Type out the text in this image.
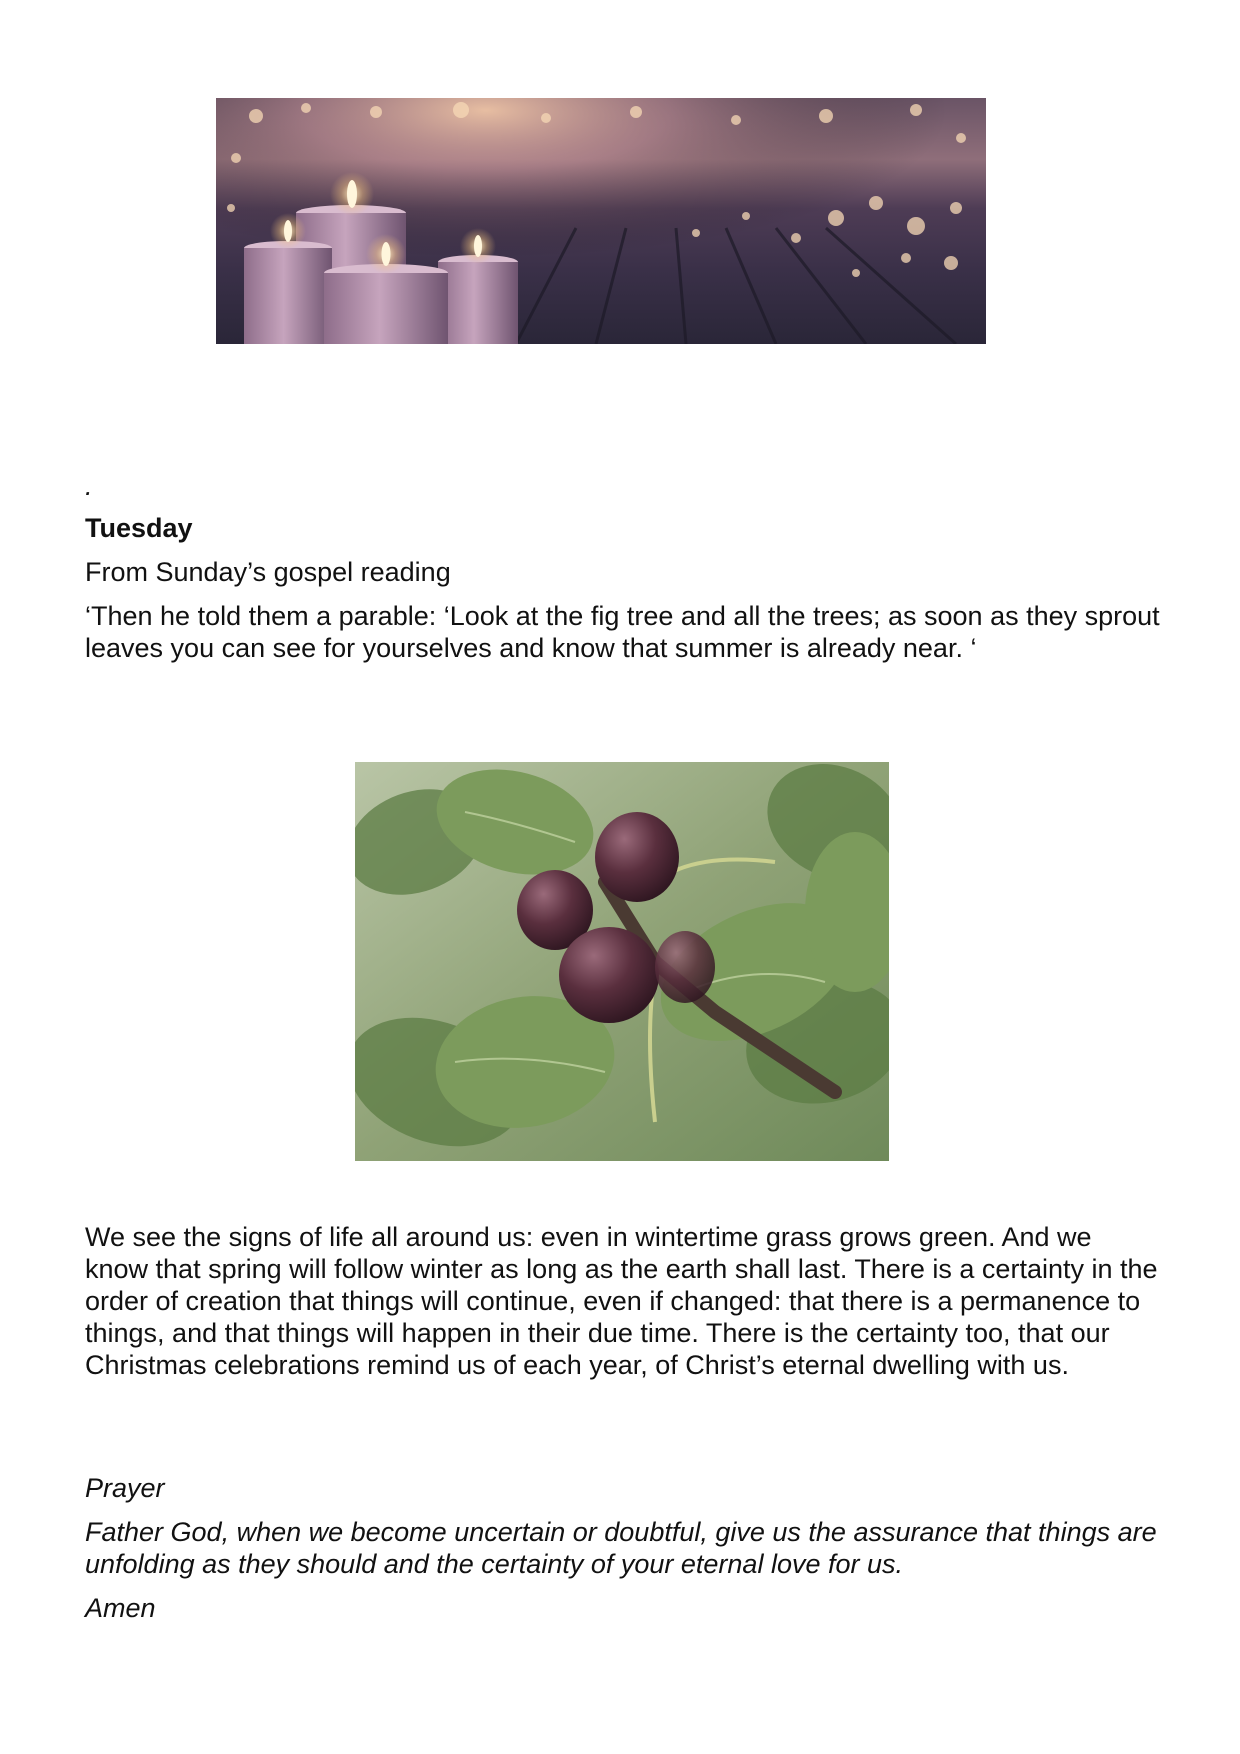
.

Tuesday

From Sunday’s gospel reading

‘Then he told them a parable: ‘Look at the fig tree and all the trees; as soon as they sprout leaves you can see for yourselves and know that summer is already near. ‘

We see the signs of life all around us: even in wintertime grass grows green. And we know that spring will follow winter as long as the earth shall last. There is a certainty in the order of creation that things will continue, even if changed: that there is a permanence to things, and that things will happen in their due time. There is the certainty too, that our Christmas celebrations remind us of each year, of Christ’s eternal dwelling with us.

Prayer

Father God, when we become uncertain or doubtful, give us the assurance that things are unfolding as they should and the certainty of your eternal love for us.

Amen
